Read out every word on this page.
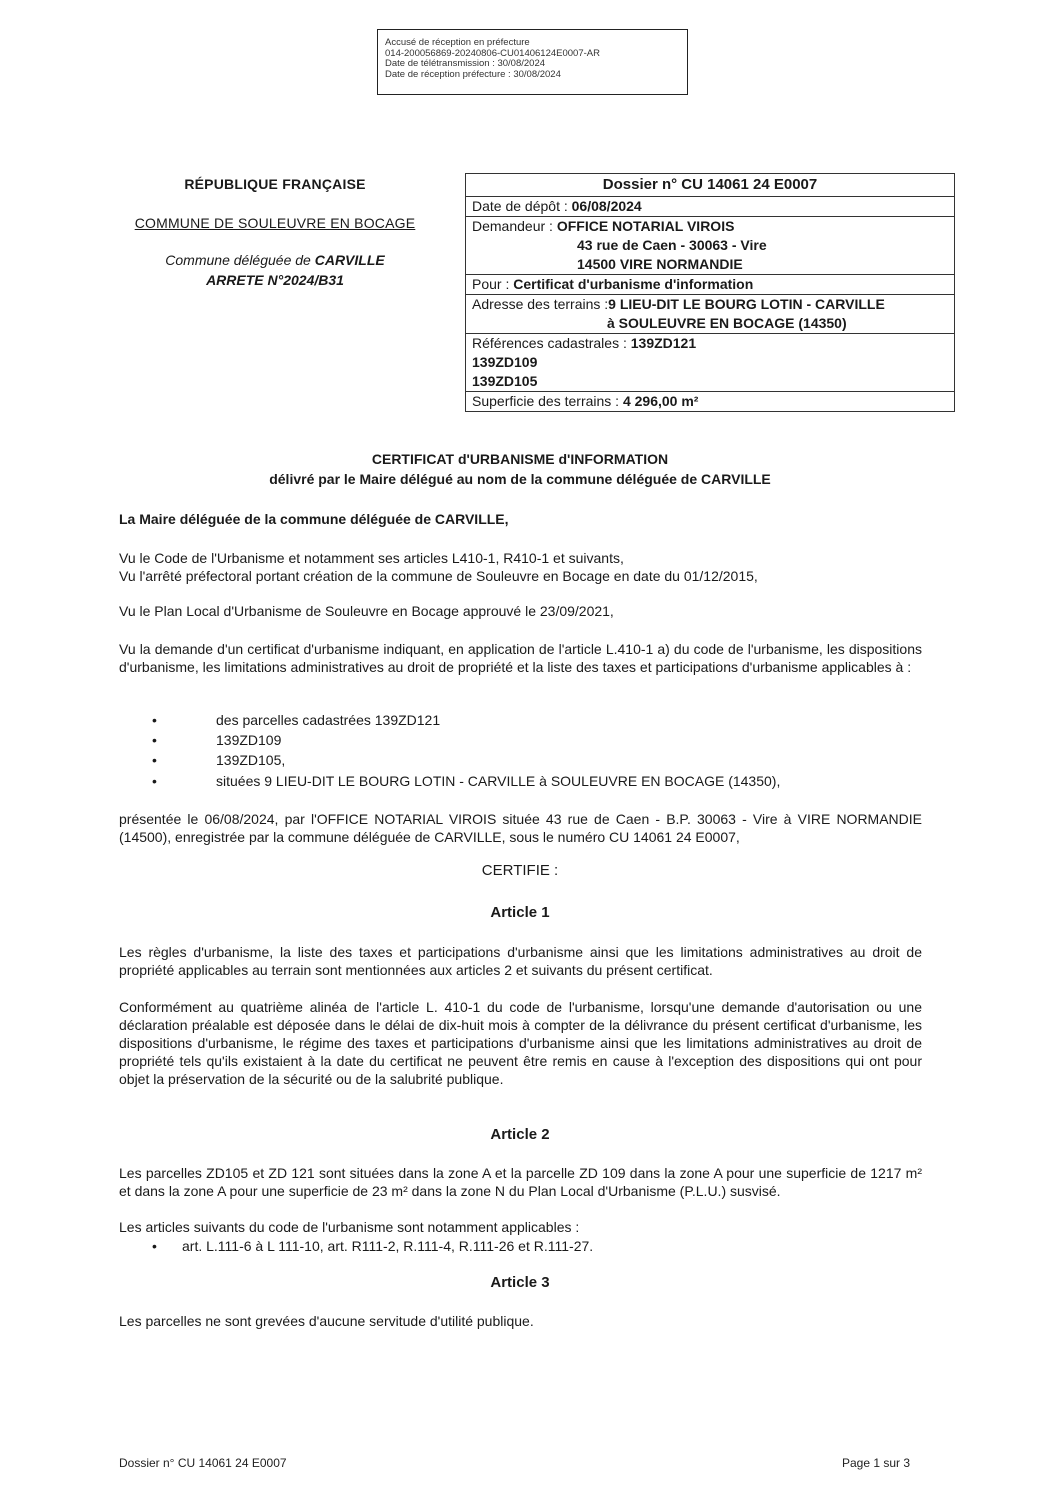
Accusé de réception en préfecture
014-200056869-20240806-CU01406124E0007-AR
Date de télétransmission : 30/08/2024
Date de réception préfecture : 30/08/2024
RÉPUBLIQUE FRANÇAISE
COMMUNE DE SOULEUVRE EN BOCAGE
Commune déléguée de CARVILLE
ARRETE N°2024/B31
Dossier n° CU 14061 24 E0007
Date de dépôt : 06/08/2024
Demandeur : OFFICE NOTARIAL VIROIS
43 rue de Caen - 30063 - Vire
14500 VIRE NORMANDIE
Pour : Certificat d'urbanisme d'information
Adresse des terrains :9 LIEU-DIT LE BOURG LOTIN - CARVILLE
à SOULEUVRE EN BOCAGE (14350)
Références cadastrales : 139ZD121
139ZD109
139ZD105
Superficie des terrains : 4 296,00 m²
CERTIFICAT d'URBANISME d'INFORMATION
délivré par le Maire délégué au nom de la commune déléguée de CARVILLE
La Maire déléguée de la commune déléguée de CARVILLE,
Vu le Code de l'Urbanisme et notamment ses articles L410-1, R410-1 et suivants,
Vu l'arrêté préfectoral portant création de la commune de Souleuvre en Bocage en date du 01/12/2015,
Vu le Plan Local d'Urbanisme de Souleuvre en Bocage approuvé le 23/09/2021,
Vu la demande d'un certificat d'urbanisme indiquant, en application de l'article L.410-1 a) du code de l'urbanisme, les dispositions d'urbanisme, les limitations administratives au droit de propriété et la liste des taxes et participations d'urbanisme applicables à :
•	des parcelles cadastrées 139ZD121
•	139ZD109
•	139ZD105,
•	situées 9 LIEU-DIT LE BOURG LOTIN - CARVILLE à SOULEUVRE EN BOCAGE (14350),
présentée le 06/08/2024, par l'OFFICE NOTARIAL VIROIS située 43 rue de Caen - B.P. 30063 - Vire à VIRE NORMANDIE (14500), enregistrée par la commune déléguée de CARVILLE, sous le numéro CU 14061 24 E0007,
CERTIFIE :
Article 1
Les règles d'urbanisme, la liste des taxes et participations d'urbanisme ainsi que les limitations administratives au droit de propriété applicables au terrain sont mentionnées aux articles 2 et suivants du présent certificat.
Conformément au quatrième alinéa de l'article L. 410-1 du code de l'urbanisme, lorsqu'une demande d'autorisation ou une déclaration préalable est déposée dans le délai de dix-huit mois à compter de la délivrance du présent certificat d'urbanisme, les dispositions d'urbanisme, le régime des taxes et participations d'urbanisme ainsi que les limitations administratives au droit de propriété tels qu'ils existaient à la date du certificat ne peuvent être remis en cause à l'exception des dispositions qui ont pour objet la préservation de la sécurité ou de la salubrité publique.
Article 2
Les parcelles ZD105 et ZD 121 sont situées dans la zone A et la parcelle ZD 109 dans la zone A pour une superficie de 1217 m² et dans la zone A pour une superficie de 23 m² dans la zone N du Plan Local d'Urbanisme (P.L.U.) susvisé.
Les articles suivants du code de l'urbanisme sont notamment applicables :
• art. L.111-6 à L 111-10, art. R111-2, R.111-4, R.111-26 et R.111-27.
Article 3
Les parcelles ne sont grevées d'aucune servitude d'utilité publique.
Dossier n° CU 14061 24 E0007	Page 1 sur 3
